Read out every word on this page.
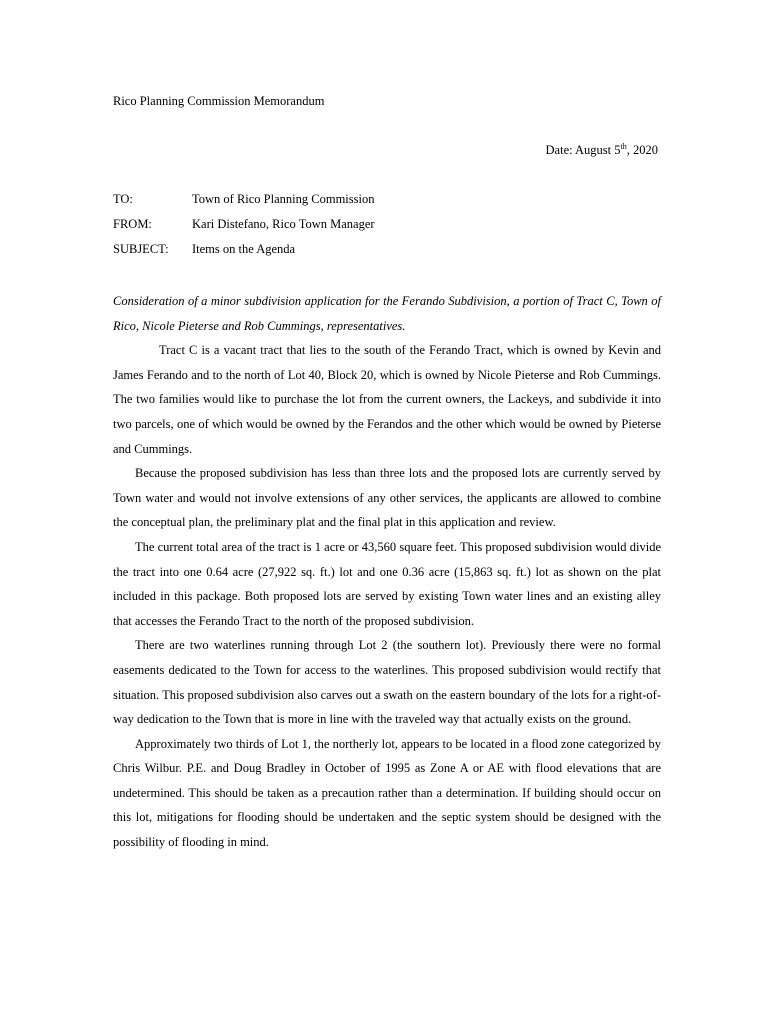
Rico Planning Commission Memorandum
Date: August 5th, 2020
TO:	Town of Rico Planning Commission
FROM:	Kari Distefano, Rico Town Manager
SUBJECT: Items on the Agenda

Consideration of a minor subdivision application for the Ferando Subdivision, a portion of Tract C, Town of Rico, Nicole Pieterse and Rob Cummings, representatives.

Tract C is a vacant tract that lies to the south of the Ferando Tract, which is owned by Kevin and James Ferando and to the north of Lot 40, Block 20, which is owned by Nicole Pieterse and Rob Cummings. The two families would like to purchase the lot from the current owners, the Lackeys, and subdivide it into two parcels, one of which would be owned by the Ferandos and the other which would be owned by Pieterse and Cummings.

Because the proposed subdivision has less than three lots and the proposed lots are currently served by Town water and would not involve extensions of any other services, the applicants are allowed to combine the conceptual plan, the preliminary plat and the final plat in this application and review.

The current total area of the tract is 1 acre or 43,560 square feet. This proposed subdivision would divide the tract into one 0.64 acre (27,922 sq. ft.) lot and one 0.36 acre (15,863 sq. ft.) lot as shown on the plat included in this package. Both proposed lots are served by existing Town water lines and an existing alley that accesses the Ferando Tract to the north of the proposed subdivision.

There are two waterlines running through Lot 2 (the southern lot). Previously there were no formal easements dedicated to the Town for access to the waterlines. This proposed subdivision would rectify that situation. This proposed subdivision also carves out a swath on the eastern boundary of the lots for a right-of-way dedication to the Town that is more in line with the traveled way that actually exists on the ground.

Approximately two thirds of Lot 1, the northerly lot, appears to be located in a flood zone categorized by Chris Wilbur. P.E. and Doug Bradley in October of 1995 as Zone A or AE with flood elevations that are undetermined. This should be taken as a precaution rather than a determination. If building should occur on this lot, mitigations for flooding should be undertaken and the septic system should be designed with the possibility of flooding in mind.
